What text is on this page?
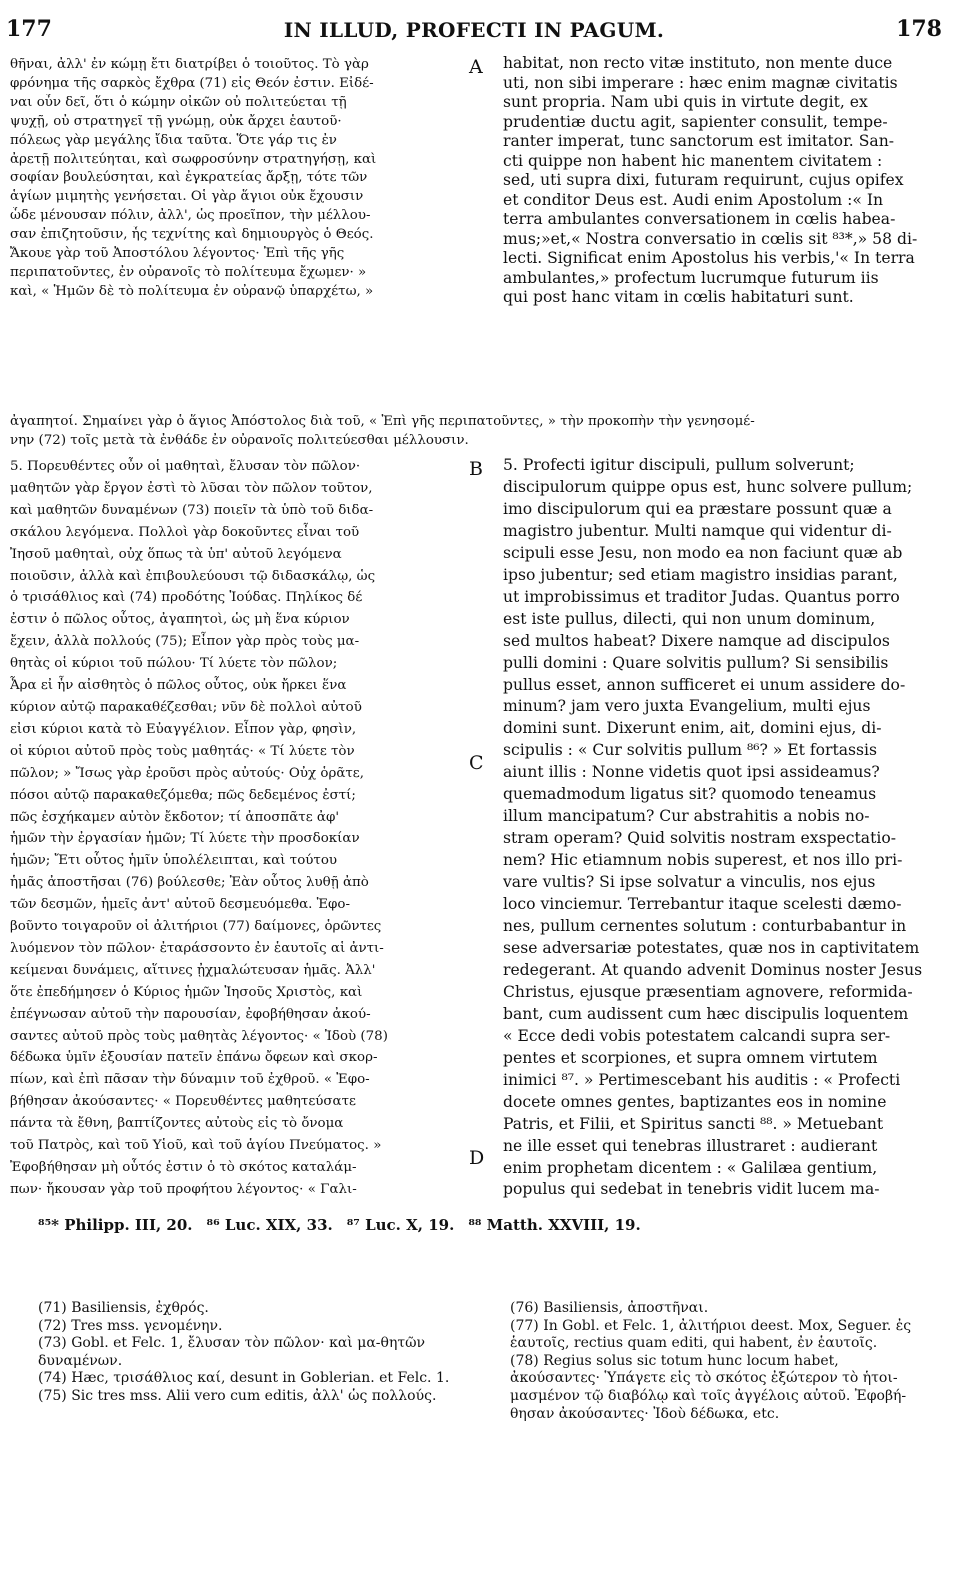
177	IN ILLUD, PROFECTI IN PAGUM.	178
A
B
C
D
θῆναι, ἀλλ' ἐν κώμῃ ἔτι διατρίβει ὁ τοιοῦτος. Τὸ γὰρ
φρόνημα τῆς σαρκὸς ἔχθρα (71) εἰς Θεόν ἐστιν. Εἰδέ-
ναι οὖν δεῖ, ὅτι ὁ κώμην οἰκῶν οὐ πολιτεύεται τῇ
ψυχῇ, οὐ στρατηγεῖ τῇ γνώμῃ, οὐκ ἄρχει ἑαυτοῦ·
πόλεως γὰρ μεγάλης ἴδια ταῦτα. Ὅτε γάρ τις ἐν
ἀρετῇ πολιτεύηται, καὶ σωφροσύνην στρατηγήσῃ, καὶ
σοφίαν βουλεύσηται, καὶ ἐγκρατείας ἄρξῃ, τότε τῶν
ἁγίων μιμητὴς γενήσεται. Οἱ γὰρ ἅγιοι οὐκ ἔχουσιν
ὧδε μένουσαν πόλιν, ἀλλ', ὡς προεῖπον, τὴν μέλλου-
σαν ἐπιζητοῦσιν, ἧς τεχνίτης καὶ δημιουργὸς ὁ Θεός.
Ἄκουε γὰρ τοῦ Ἀποστόλου λέγοντος· Ἐπὶ τῆς γῆς
περιπατοῦντες, ἐν οὐρανοῖς τὸ πολίτευμα ἔχωμεν· »
καὶ, « Ἡμῶν δὲ τὸ πολίτευμα ἐν οὐρανῷ ὑπαρχέτω, »
habitat, non recto vitæ instituto, non mente duce
uti, non sibi imperare : hæc enim magnæ civitatis
sunt propria. Nam ubi quis in virtute degit, ex
prudentiæ ductu agit, sapienter consulit, tempe-
ranter imperat, tunc sanctorum est imitator. San-
cti quippe non habent hic manentem civitatem :
sed, uti supra dixi, futuram requirunt, cujus opifex
et conditor Deus est. Audi enim Apostolum :« In
terra ambulantes conversationem in cœlis habea-
mus;»et,« Nostra conversatio in cœlis sit ⁸³*,» 58 di-
lecti. Significat enim Apostolus his verbis,'« In terra
ambulantes,» profectum lucrumque futurum iis
qui post hanc vitam in cœlis habitaturi sunt.
ἀγαπητοί. Σημαίνει γὰρ ὁ ἅγιος Ἀπόστολος διὰ τοῦ, « Ἐπὶ γῆς περιπατοῦντες, » τὴν προκοπὴν τὴν γενησομέ-
νην (72) τοῖς μετὰ τὰ ἐνθάδε ἐν οὐρανοῖς πολιτεύεσθαι μέλλουσιν.
5. Πορευθέντες οὖν οἱ μαθηταὶ, ἔλυσαν τὸν πῶλον·
μαθητῶν γὰρ ἔργον ἐστὶ τὸ λῦσαι τὸν πῶλον τοῦτον,
καὶ μαθητῶν δυναμένων (73) ποιεῖν τὰ ὑπὸ τοῦ διδα-
σκάλου λεγόμενα. Πολλοὶ γὰρ δοκοῦντες εἶναι τοῦ
Ἰησοῦ μαθηταὶ, οὐχ ὅπως τὰ ὑπ' αὐτοῦ λεγόμενα
ποιοῦσιν, ἀλλὰ καὶ ἐπιβουλεύουσι τῷ διδασκάλῳ, ὡς
ὁ τρισάθλιος καὶ (74) προδότης Ἰούδας. Πηλίκος δέ
ἐστιν ὁ πῶλος οὗτος, ἀγαπητοὶ, ὡς μὴ ἕνα κύριον
ἔχειν, ἀλλὰ πολλούς (75); Εἶπον γὰρ πρὸς τοὺς μα-
θητὰς οἱ κύριοι τοῦ πώλου· Τί λύετε τὸν πῶλον;
Ἆρα εἰ ἦν αἰσθητὸς ὁ πῶλος οὗτος, οὐκ ἤρκει ἕνα
κύριον αὐτῷ παρακαθέζεσθαι; νῦν δὲ πολλοὶ αὐτοῦ
εἰσι κύριοι κατὰ τὸ Εὐαγγέλιον. Εἶπον γὰρ, φησὶν,
οἱ κύριοι αὐτοῦ πρὸς τοὺς μαθητάς· « Τί λύετε τὸν
πῶλον; » Ἴσως γὰρ ἐροῦσι πρὸς αὐτούς· Οὐχ ὁρᾶτε,
πόσοι αὐτῷ παρακαθεζόμεθα; πῶς δεδεμένος ἐστί;
πῶς ἐσχήκαμεν αὐτὸν ἔκδοτον; τί ἀποσπᾶτε ἀφ'
ἡμῶν τὴν ἐργασίαν ἡμῶν; Τί λύετε τὴν προσδοκίαν
ἡμῶν; Ἔτι οὗτος ἡμῖν ὑπολέλειπται, καὶ τούτου
ἡμᾶς ἀποστῆσαι (76) βούλεσθε; Ἐὰν οὗτος λυθῇ ἀπὸ
τῶν δεσμῶν, ἡμεῖς ἀντ' αὐτοῦ δεσμευόμεθα. Ἐφο-
βοῦντο τοιγαροῦν οἱ ἀλιτήριοι (77) δαίμονες, ὁρῶντες
λυόμενον τὸν πῶλον· ἐταράσσοντο ἐν ἑαυτοῖς αἱ ἀντι-
κείμεναι δυνάμεις, αἵτινες ᾐχμαλώτευσαν ἡμᾶς. Ἀλλ'
ὅτε ἐπεδήμησεν ὁ Κύριος ἡμῶν Ἰησοῦς Χριστὸς, καὶ
ἐπέγνωσαν αὐτοῦ τὴν παρουσίαν, ἐφοβήθησαν ἀκού-
σαντες αὐτοῦ πρὸς τοὺς μαθητὰς λέγοντος· « Ἰδοὺ (78)
δέδωκα ὑμῖν ἐξουσίαν πατεῖν ἐπάνω ὄφεων καὶ σκορ-
πίων, καὶ ἐπὶ πᾶσαν τὴν δύναμιν τοῦ ἐχθροῦ. « Ἐφο-
βήθησαν ἀκούσαντες· « Πορευθέντες μαθητεύσατε
πάντα τὰ ἔθνη, βαπτίζοντες αὐτοὺς εἰς τὸ ὄνομα
τοῦ Πατρὸς, καὶ τοῦ Υἱοῦ, καὶ τοῦ ἁγίου Πνεύματος. »
Ἐφοβήθησαν μὴ οὗτός ἐστιν ὁ τὸ σκότος καταλάμ-
πων· ἤκουσαν γὰρ τοῦ προφήτου λέγοντος· « Γαλι-
5. Profecti igitur discipuli, pullum solverunt;
discipulorum quippe opus est, hunc solvere pullum;
imo discipulorum qui ea præstare possunt quæ a
magistro jubentur. Multi namque qui videntur di-
scipuli esse Jesu, non modo ea non faciunt quæ ab
ipso jubentur; sed etiam magistro insidias parant,
ut improbissimus et traditor Judas. Quantus porro
est iste pullus, dilecti, qui non unum dominum,
sed multos habeat? Dixere namque ad discipulos
pulli domini : Quare solvitis pullum? Si sensibilis
pullus esset, annon sufficeret ei unum assidere do-
minum? jam vero juxta Evangelium, multi ejus
domini sunt. Dixerunt enim, ait, domini ejus, di-
scipulis : « Cur solvitis pullum ⁸⁶? » Et fortassis
aiunt illis : Nonne videtis quot ipsi assideamus?
quemadmodum ligatus sit? quomodo teneamus
illum mancipatum? Cur abstrahitis a nobis no-
stram operam? Quid solvitis nostram exspectatio-
nem? Hic etiamnum nobis superest, et nos illo pri-
vare vultis? Si ipse solvatur a vinculis, nos ejus
loco vinciemur. Terrebantur itaque scelesti dæmo-
nes, pullum cernentes solutum : conturbabantur in
sese adversariæ potestates, quæ nos in captivitatem
redegerant. At quando advenit Dominus noster Jesus
Christus, ejusque præsentiam agnovere, reformida-
bant, cum audissent cum hæc discipulis loquentem
« Ecce dedi vobis potestatem calcandi supra ser-
pentes et scorpiones, et supra omnem virtutem
inimici ⁸⁷. » Pertimescebant his auditis : « Profecti
docete omnes gentes, baptizantes eos in nomine
Patris, et Filii, et Spiritus sancti ⁸⁸. » Metuebant
ne ille esset qui tenebras illustraret : audierant
enim prophetam dicentem : « Galilæa gentium,
populus qui sedebat in tenebris vidit lucem ma-
⁸⁵* Philipp. III, 20. ⁸⁶ Luc. XIX, 33. ⁸⁷ Luc. X, 19. ⁸⁸ Matth. XXVIII, 19.
(71) Basiliensis, ἐχθρός.
(72) Tres mss. γενομένην.
(73) Gobl. et Felc. 1, ἔλυσαν τὸν πῶλον· καὶ μα-θητῶν δυναμένων.
(74) Hæc, τρισάθλιος καί, desunt in Goblerian. et Felc. 1.
(75) Sic tres mss. Alii vero cum editis, ἀλλ' ὡς πολλούς.
(76) Basiliensis, ἀποστῆναι.
(77) In Gobl. et Felc. 1, ἀλιτήριοι deest. Mox, Seguer. ἐς ἑαυτοῖς, rectius quam editi, qui habent, ἐν ἑαυτοῖς.
(78) Regius solus sic totum hunc locum habet, ἀκούσαντες· Ὑπάγετε εἰς τὸ σκότος ἐξώτερον τὸ ἡτοι-μασμένον τῷ διαβόλῳ καὶ τοῖς ἀγγέλοις αὐτοῦ. Ἐφοβή-θησαν ἀκούσαντες· Ἰδοὺ δέδωκα, etc.
